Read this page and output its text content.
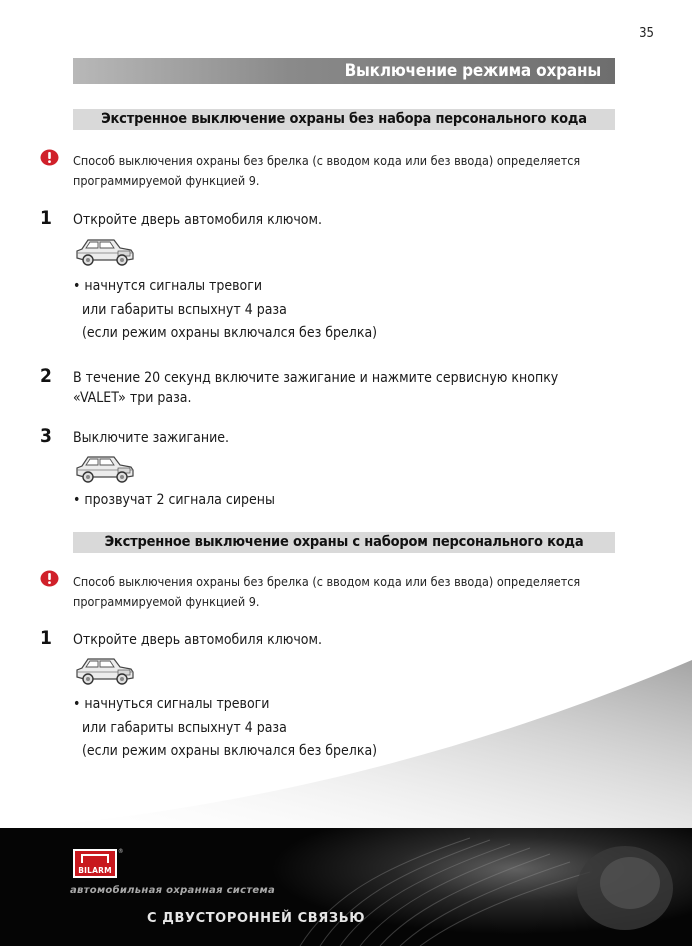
35
Выключение режима охраны
Экстренное выключение охраны без набора персонального кода
Способ выключения охраны без брелка (с вводом кода или без ввода) определяется
программируемой функцией 9.
1 Откройте дверь автомобиля ключом.
• начнутся сигналы тревоги
или габариты вспыхнут 4 раза
(если режим охраны включался без брелка)
2 В течение 20 секунд включите зажигание и нажмите сервисную кнопку
«VALET» три раза.
3 Выключите зажигание.
• прозвучат 2 сигнала сирены
Экстренное выключение охраны с набором персонального кода
Способ выключения охраны без брелка (с вводом кода или без ввода) определяется
программируемой функцией 9.
1 Откройте дверь автомобиля ключом.
• начнуться сигналы тревоги
или габариты вспыхнут 4 раза
(если режим охраны включался без брелка)
BILARM
®
автомобильная охранная система
С ДВУСТОРОННЕЙ СВЯЗЬЮ
